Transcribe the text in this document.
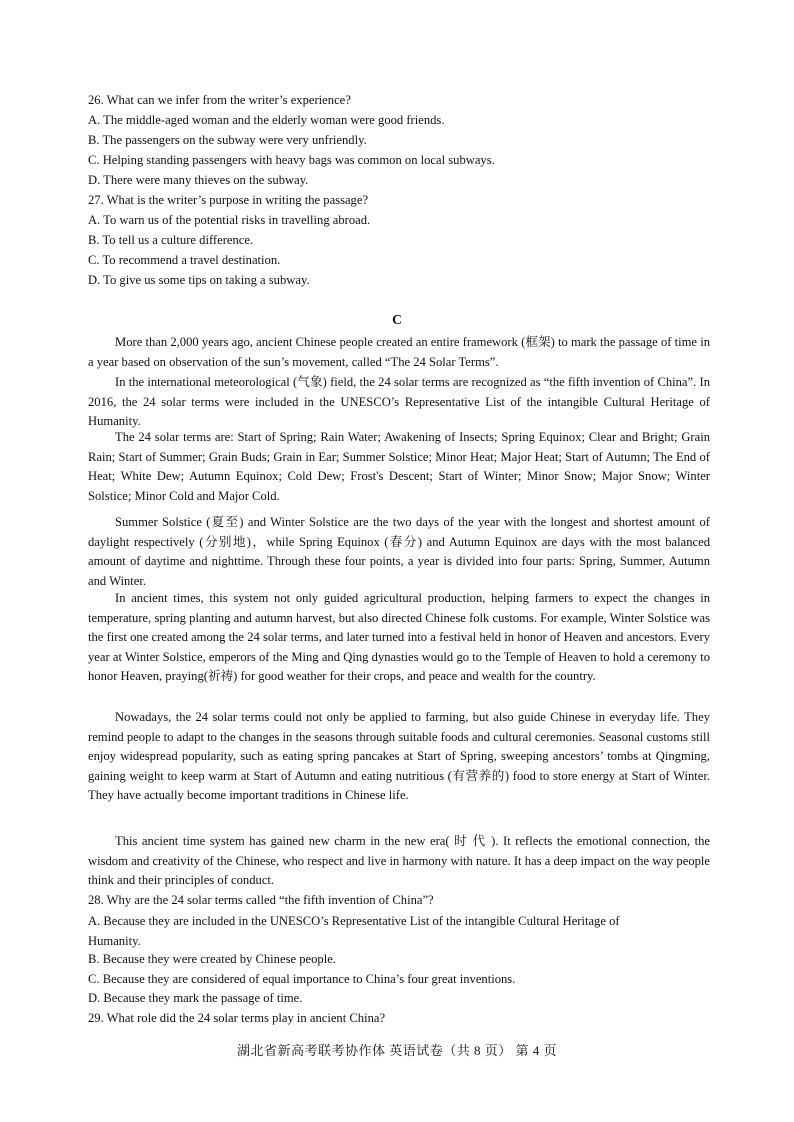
26. What can we infer from the writer’s experience?
A. The middle-aged woman and the elderly woman were good friends.
B. The passengers on the subway were very unfriendly.
C. Helping standing passengers with heavy bags was common on local subways.
D. There were many thieves on the subway.
27. What is the writer’s purpose in writing the passage?
A. To warn us of the potential risks in travelling abroad.
B. To tell us a culture difference.
C. To recommend a travel destination.
D. To give us some tips on taking a subway.
C

More than 2,000 years ago, ancient Chinese people created an entire framework (框架) to mark the passage of time in a year based on observation of the sun’s movement, called “The 24 Solar Terms”.

In the international meteorological (气象) field, the 24 solar terms are recognized as “the fifth invention of China”. In 2016, the 24 solar terms were included in the UNESCO’s Representative List of the intangible Cultural Heritage of Humanity.

The 24 solar terms are: Start of Spring; Rain Water; Awakening of Insects; Spring Equinox; Clear and Bright; Grain Rain; Start of Summer; Grain Buds; Grain in Ear; Summer Solstice; Minor Heat; Major Heat; Start of Autumn; The End of Heat; White Dew; Autumn Equinox; Cold Dew; Frost's Descent; Start of Winter; Minor Snow; Major Snow; Winter Solstice; Minor Cold and Major Cold.

Summer Solstice (夏至) and Winter Solstice are the two days of the year with the longest and shortest amount of daylight respectively (分别地)，while Spring Equinox (春分) and Autumn Equinox are days with the most balanced amount of daytime and nighttime. Through these four points, a year is divided into four parts: Spring, Summer, Autumn and Winter.

In ancient times, this system not only guided agricultural production, helping farmers to expect the changes in temperature, spring planting and autumn harvest, but also directed Chinese folk customs. For example, Winter Solstice was the first one created among the 24 solar terms, and later turned into a festival held in honor of Heaven and ancestors. Every year at Winter Solstice, emperors of the Ming and Qing dynasties would go to the Temple of Heaven to hold a ceremony to honor Heaven, praying(祈祷) for good weather for their crops, and peace and wealth for the country.

Nowadays, the 24 solar terms could not only be applied to farming, but also guide Chinese in everyday life. They remind people to adapt to the changes in the seasons through suitable foods and cultural ceremonies. Seasonal customs still enjoy widespread popularity, such as eating spring pancakes at Start of Spring, sweeping ancestors’ tombs at Qingming, gaining weight to keep warm at Start of Autumn and eating nutritious (有营养的) food to store energy at Start of Winter. They have actually become important traditions in Chinese life.

This ancient time system has gained new charm in the new era( 时 代 ). It reflects the emotional connection, the wisdom and creativity of the Chinese, who respect and live in harmony with nature. It has a deep impact on the way people think and their principles of conduct.

28. Why are the 24 solar terms called “the fifth invention of China”?
A. Because they are included in the UNESCO’s Representative List of the intangible Cultural Heritage of
Humanity.
B. Because they were created by Chinese people.
C. Because they are considered of equal importance to China’s four great inventions.
D. Because they mark the passage of time.
29. What role did the 24 solar terms play in ancient China?
湖北省新高考联考协作体 英语试卷（共 8 页） 第 4 页
